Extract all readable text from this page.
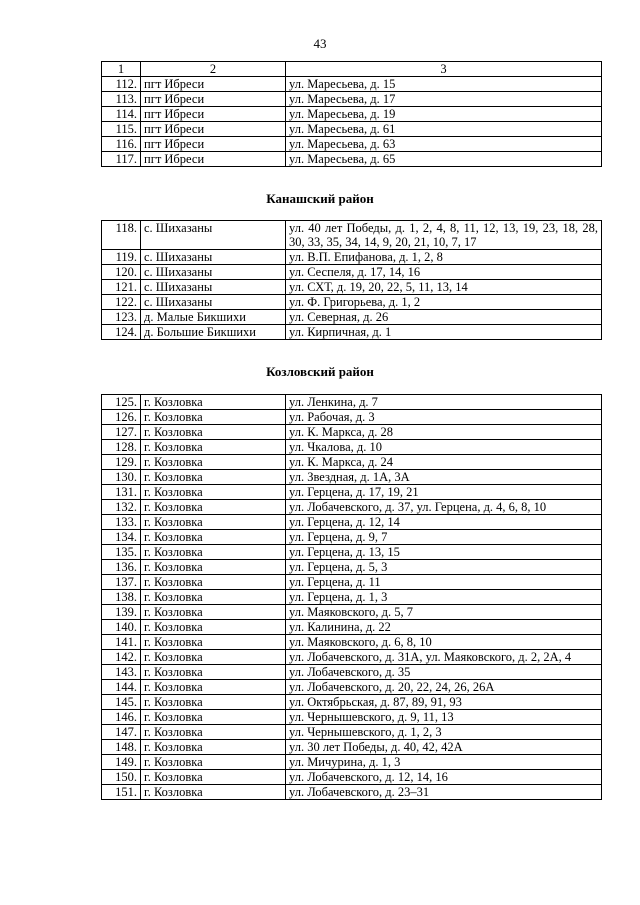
43
1	2	3
112.	пгт Ибреси	ул. Маресьева, д. 15
113.	пгт Ибреси	ул. Маресьева, д. 17
114.	пгт Ибреси	ул. Маресьева, д. 19
115.	пгт Ибреси	ул. Маресьева, д. 61
116.	пгт Ибреси	ул. Маресьева, д. 63
117.	пгт Ибреси	ул. Маресьева, д. 65
Канашский район
118.	с. Шихазаны	ул. 40 лет Победы, д. 1, 2, 4, 8, 11, 12, 13, 19, 23, 18, 28, 30, 33, 35, 34, 14, 9, 20, 21, 10, 7, 17
119.	с. Шихазаны	ул. В.П. Епифанова, д. 1, 2, 8
120.	с. Шихазаны	ул. Сеспеля, д. 17, 14, 16
121.	с. Шихазаны	ул. СХТ, д. 19, 20, 22, 5, 11, 13, 14
122.	с. Шихазаны	ул. Ф. Григорьева, д. 1, 2
123.	д. Малые Бикшихи	ул. Северная, д. 26
124.	д. Большие Бикшихи	ул. Кирпичная, д. 1
Козловский район
125.	г. Козловка	ул. Ленкина, д. 7
126.	г. Козловка	ул. Рабочая, д. 3
127.	г. Козловка	ул. К. Маркса, д. 28
128.	г. Козловка	ул. Чкалова, д. 10
129.	г. Козловка	ул. К. Маркса, д. 24
130.	г. Козловка	ул. Звездная, д. 1А, 3А
131.	г. Козловка	ул. Герцена, д. 17, 19, 21
132.	г. Козловка	ул. Лобачевского, д. 37, ул. Герцена, д. 4, 6, 8, 10
133.	г. Козловка	ул. Герцена, д. 12, 14
134.	г. Козловка	ул. Герцена, д. 9, 7
135.	г. Козловка	ул. Герцена, д. 13, 15
136.	г. Козловка	ул. Герцена, д. 5, 3
137.	г. Козловка	ул. Герцена, д. 11
138.	г. Козловка	ул. Герцена, д. 1, 3
139.	г. Козловка	ул. Маяковского, д. 5, 7
140.	г. Козловка	ул. Калинина, д. 22
141.	г. Козловка	ул. Маяковского, д. 6, 8, 10
142.	г. Козловка	ул. Лобачевского, д. 31А, ул. Маяковского, д. 2, 2А, 4
143.	г. Козловка	ул. Лобачевского, д. 35
144.	г. Козловка	ул. Лобачевского, д. 20, 22, 24, 26, 26А
145.	г. Козловка	ул. Октябрьская, д. 87, 89, 91, 93
146.	г. Козловка	ул. Чернышевского, д. 9, 11, 13
147.	г. Козловка	ул. Чернышевского, д. 1, 2, 3
148.	г. Козловка	ул. 30 лет Победы, д. 40, 42, 42А
149.	г. Козловка	ул. Мичурина, д. 1, 3
150.	г. Козловка	ул. Лобачевского, д. 12, 14, 16
151.	г. Козловка	ул. Лобачевского, д. 23–31
